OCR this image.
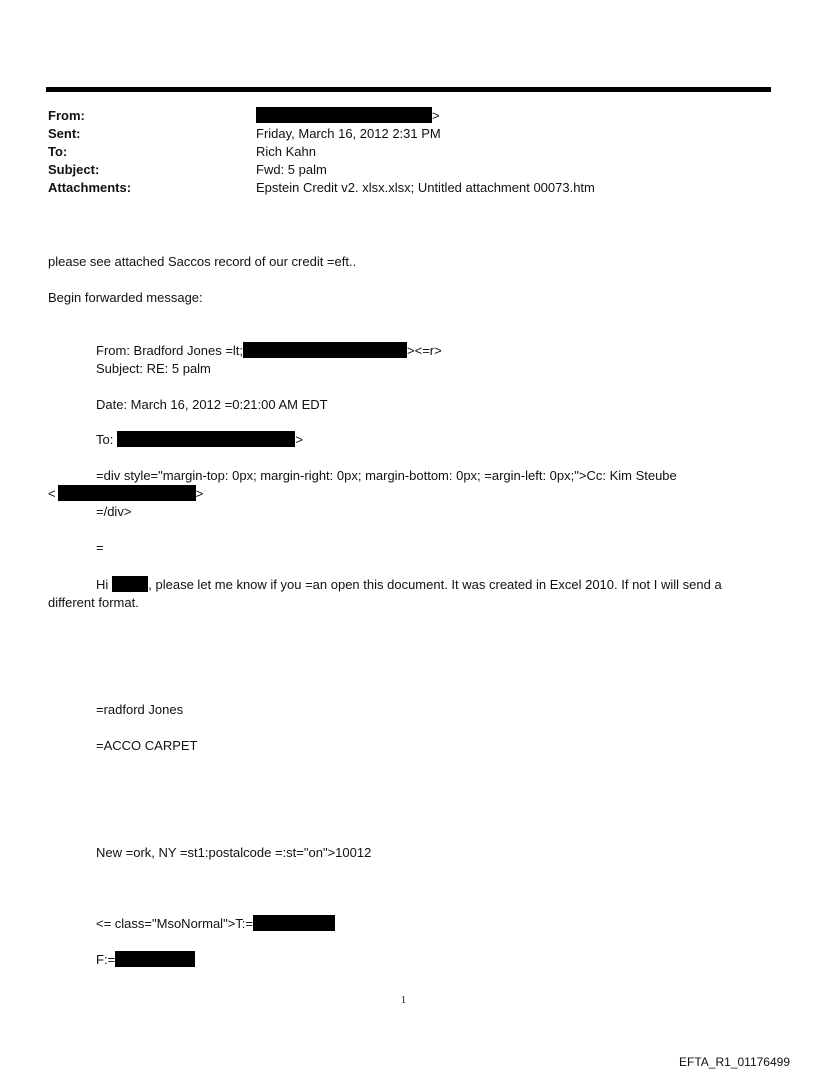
From:	>
Sent:	Friday, March 16, 2012 2:31 PM
To:	Rich Kahn
Subject:	Fwd: 5 palm
Attachments:	Epstein Credit v2. xlsx.xlsx; Untitled attachment 00073.htm
please see attached Saccos record of our credit =eft..
Begin forwarded message:
From: Bradford Jones =lt;	><=r>
Subject: RE: 5 palm
Date: March 16, 2012 =0:21:00 AM EDT
To:	>
=div style="margin-top: 0px; margin-right: 0px; margin-bottom: 0px; =argin-left: 0px;">Cc: Kim Steube
<	>
=/div>
=
Hi	, please let me know if you =an open this document. It was created in Excel 2010. If not I will send a
different format.
=radford Jones
=ACCO CARPET
New =ork, NY =st1:postalcode =:st="on">10012
<= class="MsoNormal">T:=
F:=
1
EFTA_R1_01176499
